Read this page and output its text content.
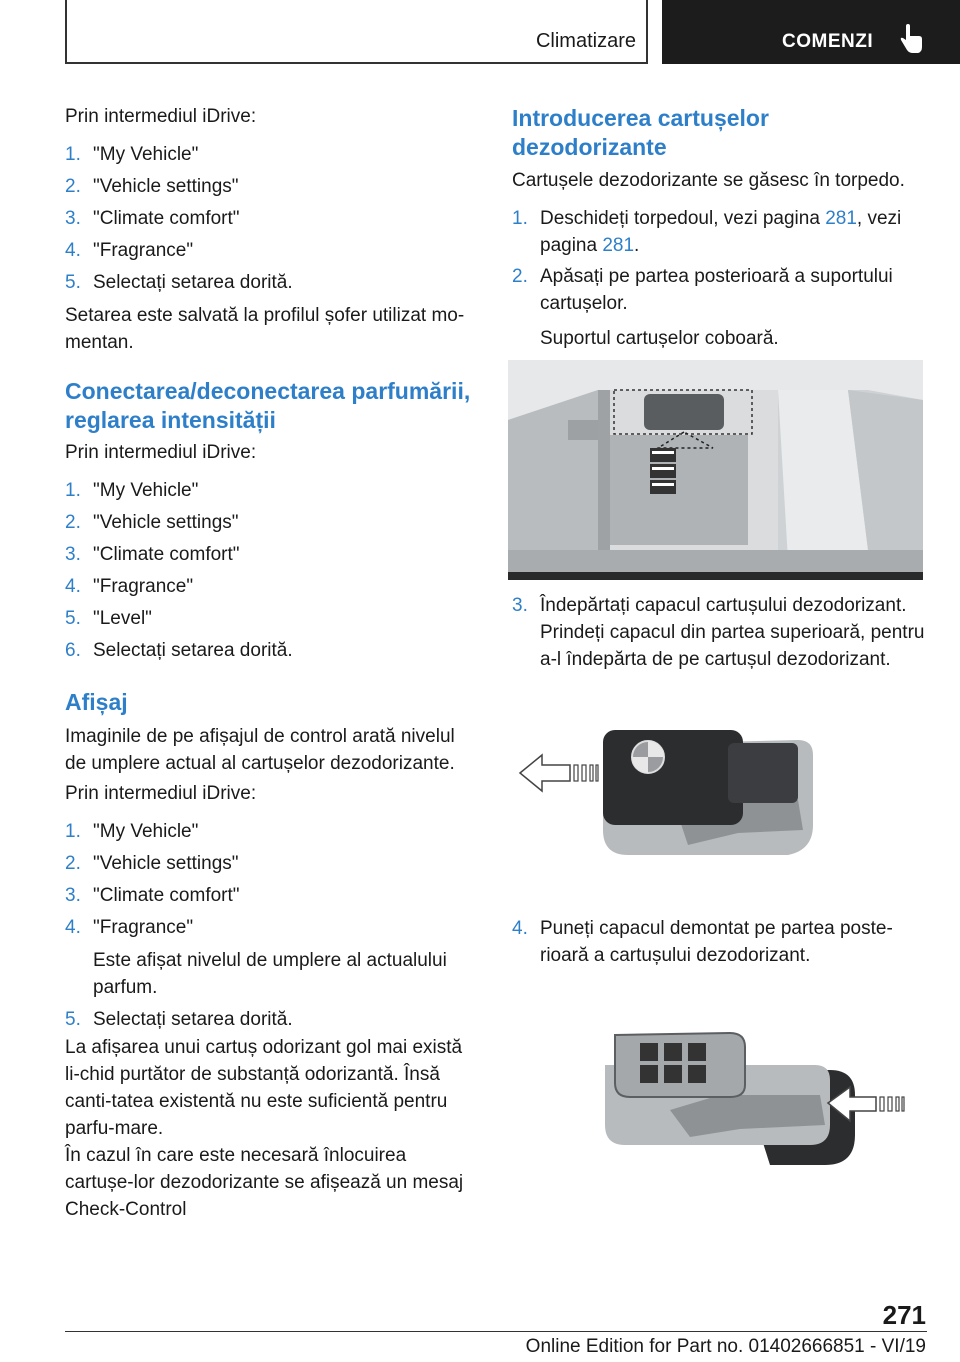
Climatizare	COMENZI

Prin intermediul iDrive:

1. "My Vehicle"
2. "Vehicle settings"
3. "Climate comfort"
4. "Fragrance"
5. Selectați setarea dorită.

Setarea este salvată la profilul șofer utilizat mo-mentan.

Conectarea/deconectarea parfumării, reglarea intensității

Prin intermediul iDrive:

1. "My Vehicle"
2. "Vehicle settings"
3. "Climate comfort"
4. "Fragrance"
5. "Level"
6. Selectați setarea dorită.
Afișaj

Imaginile de pe afișajul de control arată nivelul de umplere actual al cartușelor dezodorizante.

Prin intermediul iDrive:

1. "My Vehicle"
2. "Vehicle settings"
3. "Climate comfort"
4. "Fragrance"
Este afișat nivelul de umplere al actualului parfum.
5. Selectați setarea dorită.

La afișarea unui cartuș odorizant gol mai există li-chid purtător de substanță odorizantă. Însă canti-tatea existentă nu este suficientă pentru parfu-mare.

În cazul în care este necesară înlocuirea cartușe-lor dezodorizante se afișează un mesaj Check-Control

Introducerea cartușelor dezodorizante

Cartușele dezodorizante se găsesc în torpedo.

1. Deschideți torpedoul, vezi pagina 281, vezi pagina 281.
2. Apăsați pe partea posterioară a suportului cartușelor.
Suportul cartușelor coboară.
3. Îndepărtați capacul cartușului dezodorizant. Prindeți capacul din partea superioară, pentru a-l îndepărta de pe cartușul dezodorizant.
4. Puneți capacul demontat pe partea poste-rioară a cartușului dezodorizant.
271
Online Edition for Part no. 01402666851 - VI/19
